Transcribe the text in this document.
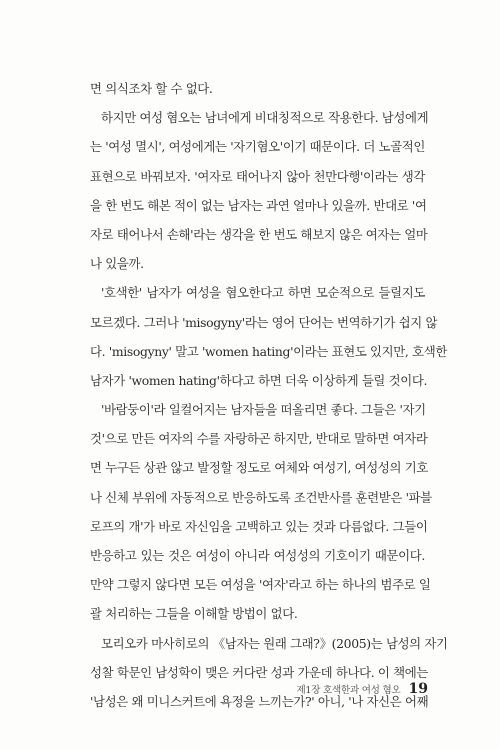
면 의식조차 할 수 없다.
하지만 여성 혐오는 남녀에게 비대칭적으로 작용한다. 남성에게
는 '여성 멸시', 여성에게는 '자기혐오'이기 때문이다. 더 노골적인
표현으로 바꿔보자. '여자로 태어나지 않아 천만다행'이라는 생각
을 한 번도 해본 적이 없는 남자는 과연 얼마나 있을까. 반대로 '여
자로 태어나서 손해'라는 생각을 한 번도 해보지 않은 여자는 얼마
나 있을까.
'호색한' 남자가 여성을 혐오한다고 하면 모순적으로 들릴지도
모르겠다. 그러나 'misogyny'라는 영어 단어는 번역하기가 쉽지 않
다. 'misogyny' 말고 'women hating'이라는 표현도 있지만, 호색한
남자가 'women hating'하다고 하면 더욱 이상하게 들릴 것이다.
'바람둥이'라 일컬어지는 남자들을 떠올리면 좋다. 그들은 '자기
것'으로 만든 여자의 수를 자랑하곤 하지만, 반대로 말하면 여자라
면 누구든 상관 않고 발정할 정도로 여체와 여성기, 여성성의 기호
나 신체 부위에 자동적으로 반응하도록 조건반사를 훈련받은 '파블
로프의 개'가 바로 자신임을 고백하고 있는 것과 다름없다. 그들이
반응하고 있는 것은 여성이 아니라 여성성의 기호이기 때문이다.
만약 그렇지 않다면 모든 여성을 '여자'라고 하는 하나의 범주로 일
괄 처리하는 그들을 이해할 방법이 없다.
모리오카 마사히로의 《남자는 원래 그래?》(2005)는 남성의 자기
성찰 학문인 남성학이 맺은 커다란 성과 가운데 하나다. 이 책에는
'남성은 왜 미니스커트에 욕정을 느끼는가?' 아니, '나 자신은 어째
제1장 호색한과 여성 혐오 19
